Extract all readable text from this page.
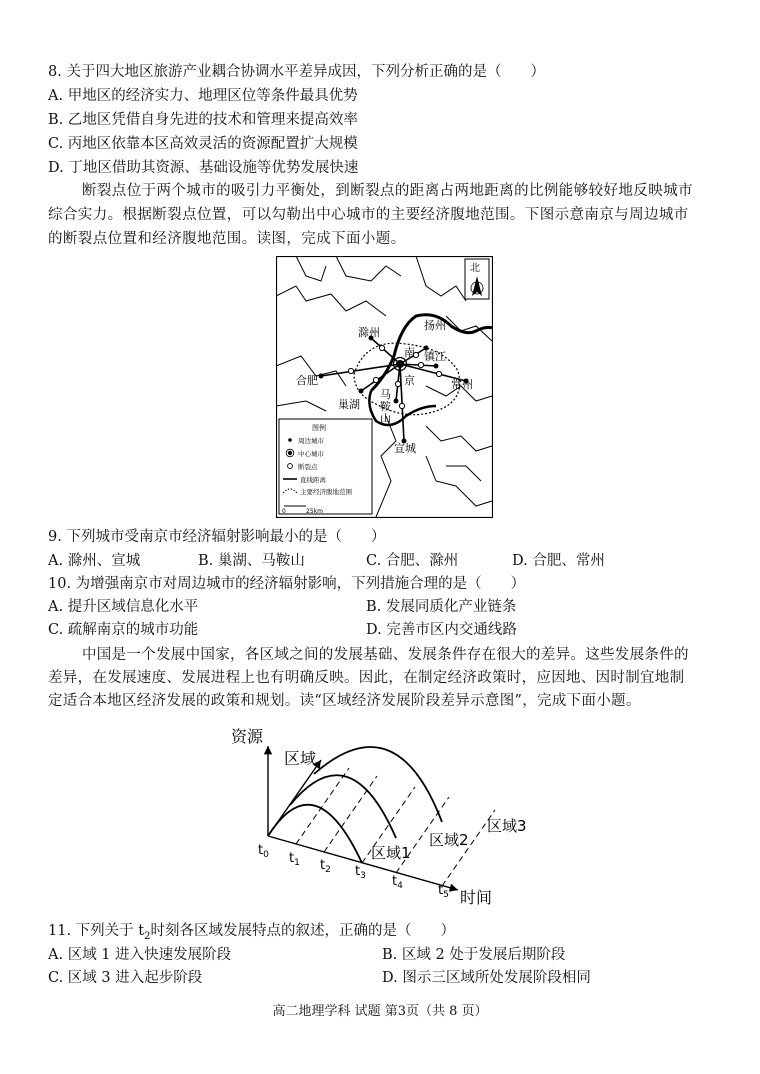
8. 关于四大地区旅游产业耦合协调水平差异成因，下列分析正确的是（　　）
A. 甲地区的经济实力、地理区位等条件最具优势
B. 乙地区凭借自身先进的技术和管理来提高效率
C. 丙地区依靠本区高效灵活的资源配置扩大规模
D. 丁地区借助其资源、基础设施等优势发展快速
断裂点位于两个城市的吸引力平衡处，到断裂点的距离占两地距离的比例能够较好地反映城市
综合实力。根据断裂点位置，可以勾勒出中心城市的主要经济腹地范围。下图示意南京与周边城市
的断裂点位置和经济腹地范围。读图，完成下面小题。
滁州
扬州
镇江
合肥	常州
巢湖
宣城
南
京
马
鞍
山
北
图例
周边城市
中心城市
断裂点
直线距离
主要经济腹地范围
0	25km
9. 下列城市受南京市经济辐射影响最小的是（　　）
A. 滁州、宣城	B. 巢湖、马鞍山	C. 合肥、滁州	D. 合肥、常州
10. 为增强南京市对周边城市的经济辐射影响，下列措施合理的是（　　）
A. 提升区域信息化水平	B. 发展同质化产业链条
C. 疏解南京的城市功能	D. 完善市区内交通线路
中国是一个发展中国家，各区域之间的发展基础、发展条件存在很大的差异。这些发展条件的
差异，在发展速度、发展进程上也有明确反映。因此，在制定经济政策时，应因地、因时制宜地制
定适合本地区经济发展的政策和规划。读“区域经济发展阶段差异示意图”，完成下面小题。
资源
区域
时间
$t_0$ $t_1$ $t_2$ $t_3$ $t_4$	$t_5$
区域1
区域2
区域3
11. 下列关于 $t_2$时刻各区域发展特点的叙述，正确的是（　　）
A. 区域 1 进入快速发展阶段	B. 区域 2 处于发展后期阶段
C. 区域 3 进入起步阶段	D. 图示三区域所处发展阶段相同
高二地理学科 试题 第3页（共 8 页）
